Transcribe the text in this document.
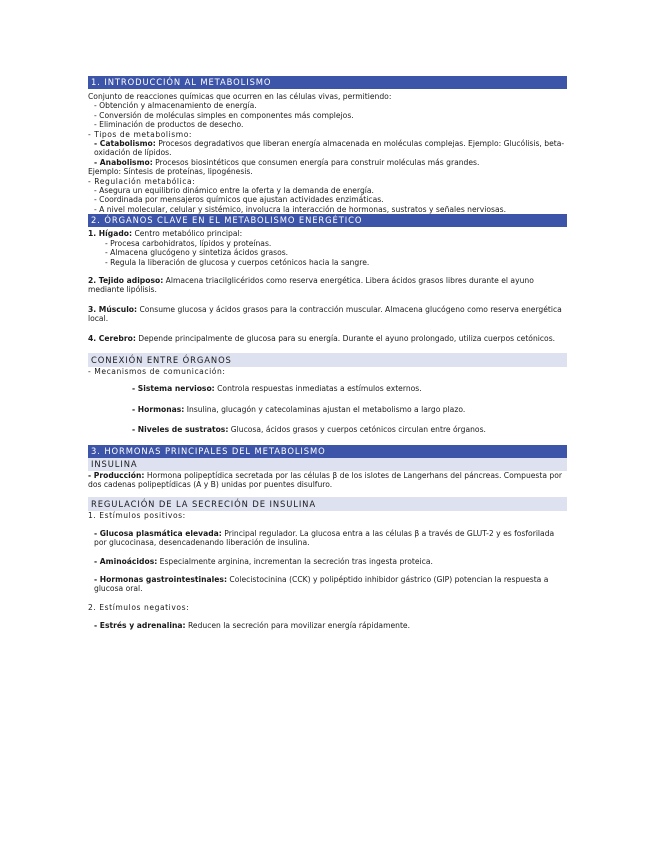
1. INTRODUCCIÓN AL METABOLISMO
Conjunto de reacciones químicas que ocurren en las células vivas, permitiendo:
- Obtención y almacenamiento de energía.
- Conversión de moléculas simples en componentes más complejos.
- Eliminación de productos de desecho.
- Tipos de metabolismo:
- Catabolismo: Procesos degradativos que liberan energía almacenada en moléculas complejas. Ejemplo: Glucólisis, beta-oxidación de lípidos.
- Anabolismo: Procesos biosintéticos que consumen energía para construir moléculas más grandes.
Ejemplo: Síntesis de proteínas, lipogénesis.
- Regulación metabólica:
- Asegura un equilibrio dinámico entre la oferta y la demanda de energía.
- Coordinada por mensajeros químicos que ajustan actividades enzimáticas.
- A nivel molecular, celular y sistémico, involucra la interacción de hormonas, sustratos y señales nerviosas.
2. ÓRGANOS CLAVE EN EL METABOLISMO ENERGÉTICO
1. Hígado: Centro metabólico principal:
- Procesa carbohidratos, lípidos y proteínas.
- Almacena glucógeno y sintetiza ácidos grasos.
- Regula la liberación de glucosa y cuerpos cetónicos hacia la sangre.
2. Tejido adiposo: Almacena triacilglicéridos como reserva energética. Libera ácidos grasos libres durante el ayuno mediante lipólisis.
3. Músculo: Consume glucosa y ácidos grasos para la contracción muscular. Almacena glucógeno como reserva energética local.
4. Cerebro: Depende principalmente de glucosa para su energía. Durante el ayuno prolongado, utiliza cuerpos cetónicos.
CONEXIÓN ENTRE ÓRGANOS
- Mecanismos de comunicación:
- Sistema nervioso: Controla respuestas inmediatas a estímulos externos.
- Hormonas: Insulina, glucagón y catecolaminas ajustan el metabolismo a largo plazo.
- Niveles de sustratos: Glucosa, ácidos grasos y cuerpos cetónicos circulan entre órganos.
3. HORMONAS PRINCIPALES DEL METABOLISMO
INSULINA
- Producción: Hormona polipeptídica secretada por las células β de los islotes de Langerhans del páncreas. Compuesta por dos cadenas polipeptídicas (A y B) unidas por puentes disulfuro.
REGULACIÓN DE LA SECRECIÓN DE INSULINA
1. Estímulos positivos:
- Glucosa plasmática elevada: Principal regulador. La glucosa entra a las células β a través de GLUT-2 y es fosforilada por glucocinasa, desencadenando liberación de insulina.
- Aminoácidos: Especialmente arginina, incrementan la secreción tras ingesta proteica.
- Hormonas gastrointestinales: Colecistocinina (CCK) y polipéptido inhibidor gástrico (GIP) potencian la respuesta a glucosa oral.
2. Estímulos negativos:
- Estrés y adrenalina: Reducen la secreción para movilizar energía rápidamente.
